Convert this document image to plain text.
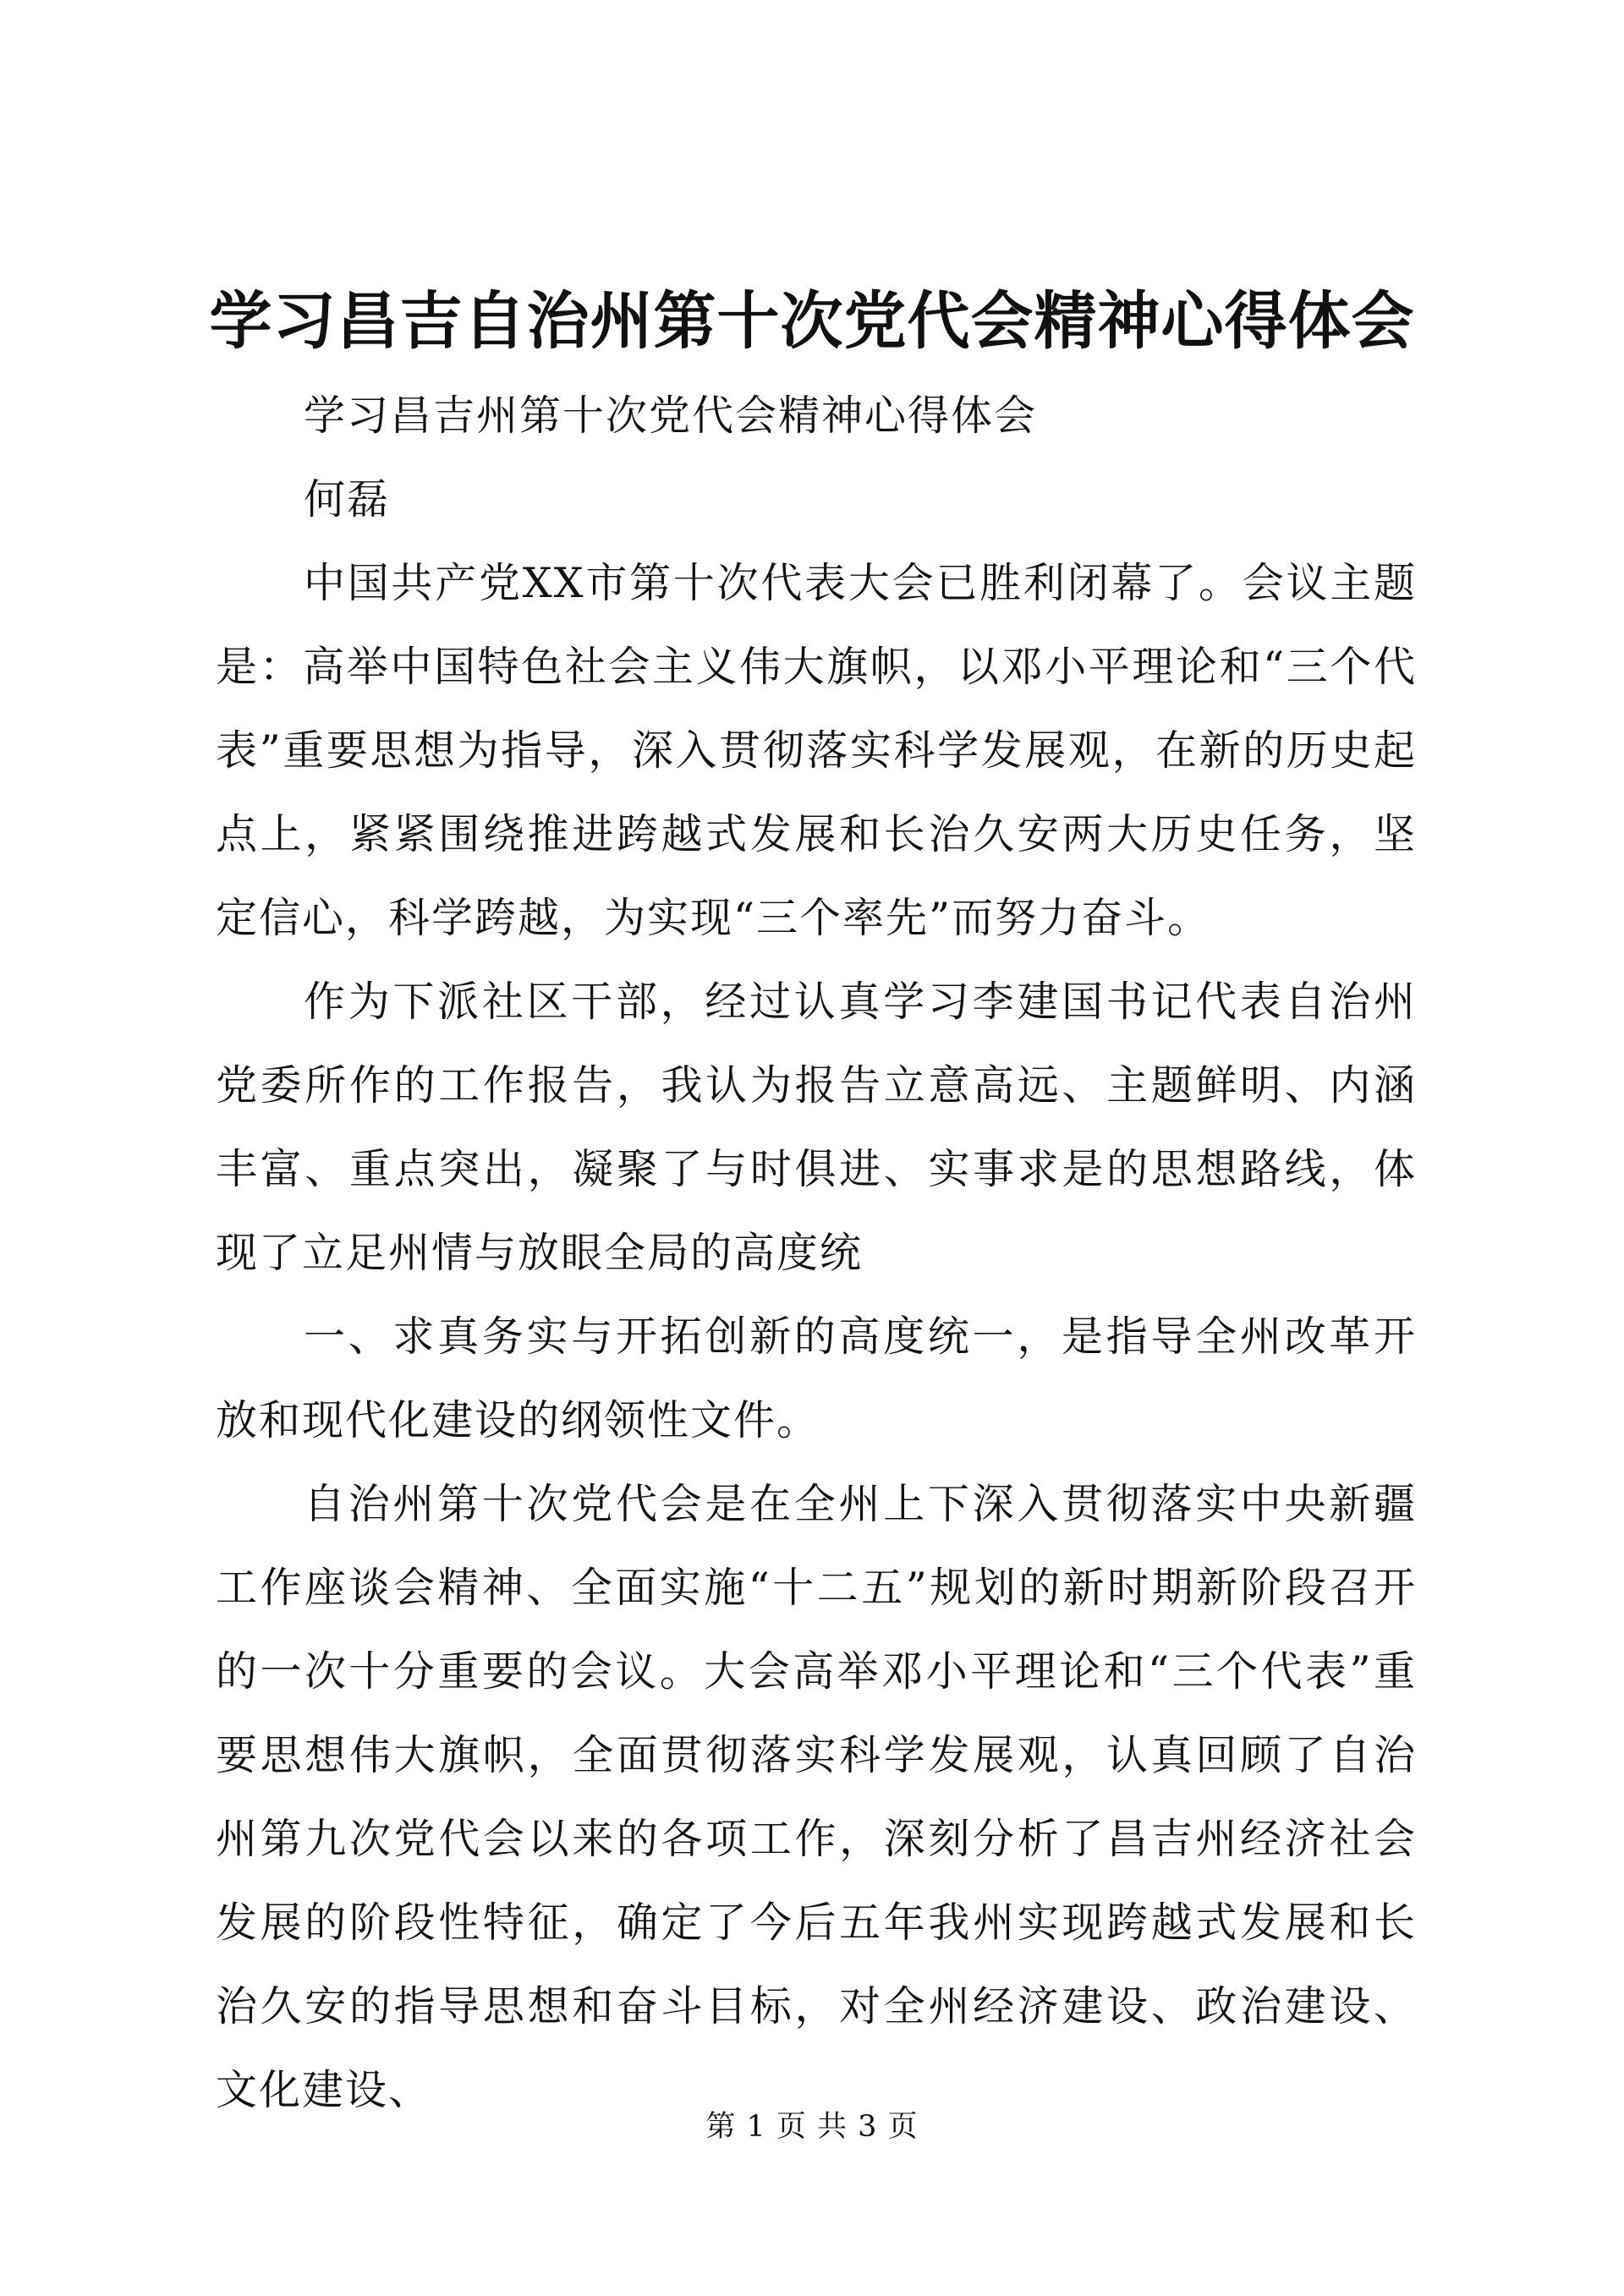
学习昌吉自治州第十次党代会精神心得体会

学习昌吉州第十次党代会精神心得体会

何磊

中国共产党XX市第十次代表大会已胜利闭幕了。会议主题是：高举中国特色社会主义伟大旗帜，以邓小平理论和“三个代表”重要思想为指导，深入贯彻落实科学发展观，在新的历史起点上，紧紧围绕推进跨越式发展和长治久安两大历史任务，坚定信心，科学跨越，为实现“三个率先”而努力奋斗。

作为下派社区干部，经过认真学习李建国书记代表自治州党委所作的工作报告，我认为报告立意高远、主题鲜明、内涵丰富、重点突出，凝聚了与时俱进、实事求是的思想路线，体现了立足州情与放眼全局的高度统

一、求真务实与开拓创新的高度统一，是指导全州改革开放和现代化建设的纲领性文件。

自治州第十次党代会是在全州上下深入贯彻落实中央新疆工作座谈会精神、全面实施“十二五”规划的新时期新阶段召开的一次十分重要的会议。大会高举邓小平理论和“三个代表”重要思想伟大旗帜，全面贯彻落实科学发展观，认真回顾了自治州第九次党代会以来的各项工作，深刻分析了昌吉州经济社会发展的阶段性特征，确定了今后五年我州实现跨越式发展和长治久安的指导思想和奋斗目标，对全州经济建设、政治建设、文化建设、

第 1 页 共 3 页
